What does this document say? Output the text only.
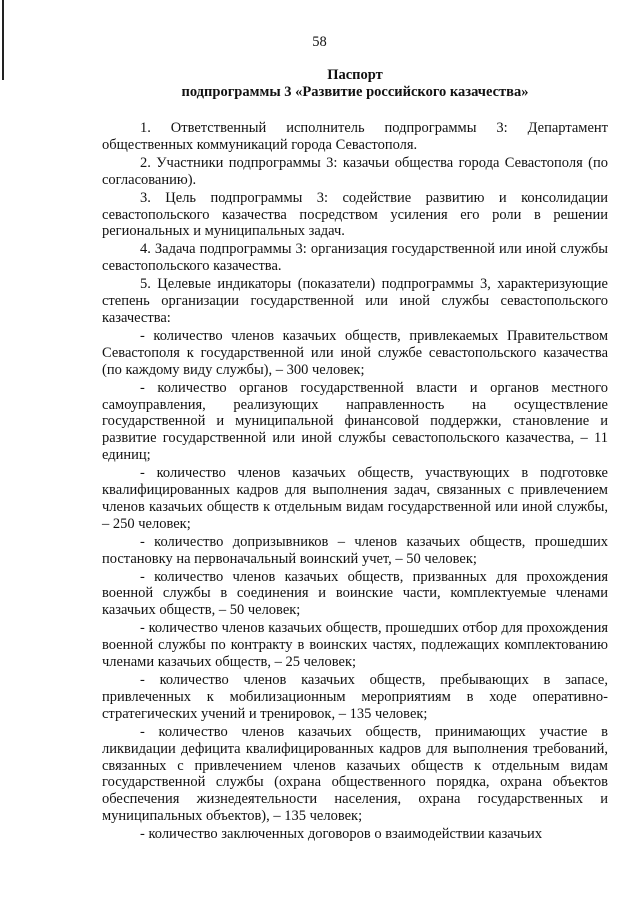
58
Паспорт
подпрограммы 3 «Развитие российского казачества»

1. Ответственный исполнитель подпрограммы 3: Департамент общественных коммуникаций города Севастополя.

2. Участники подпрограммы 3: казачьи общества города Севастополя (по согласованию).

3. Цель подпрограммы 3: содействие развитию и консолидации севастопольского казачества посредством усиления его роли в решении региональных и муниципальных задач.

4. Задача подпрограммы 3: организация государственной или иной службы севастопольского казачества.

5. Целевые индикаторы (показатели) подпрограммы 3, характеризующие степень организации государственной или иной службы севастопольского казачества:

- количество членов казачьих обществ, привлекаемых Правительством Севастополя к государственной или иной службе севастопольского казачества (по каждому виду службы), – 300 человек;

- количество органов государственной власти и органов местного самоуправления, реализующих направленность на осуществление государственной и муниципальной финансовой поддержки, становление и развитие государственной или иной службы севастопольского казачества, – 11 единиц;

- количество членов казачьих обществ, участвующих в подготовке квалифицированных кадров для выполнения задач, связанных с привлечением членов казачьих обществ к отдельным видам государственной или иной службы, – 250 человек;

- количество допризывников – членов казачьих обществ, прошедших постановку на первоначальный воинский учет, – 50 человек;

- количество членов казачьих обществ, призванных для прохождения военной службы в соединения и воинские части, комплектуемые членами казачьих обществ, – 50 человек;

- количество членов казачьих обществ, прошедших отбор для прохождения военной службы по контракту в воинских частях, подлежащих комплектованию членами казачьих обществ, – 25 человек;

- количество членов казачьих обществ, пребывающих в запасе, привлеченных к мобилизационным мероприятиям в ходе оперативно-стратегических учений и тренировок, – 135 человек;

- количество членов казачьих обществ, принимающих участие в ликвидации дефицита квалифицированных кадров для выполнения требований, связанных с привлечением членов казачьих обществ к отдельным видам государственной службы (охрана общественного порядка, охрана объектов обеспечения жизнедеятельности населения, охрана государственных и муниципальных объектов), – 135 человек;

- количество заключенных договоров о взаимодействии казачьих
